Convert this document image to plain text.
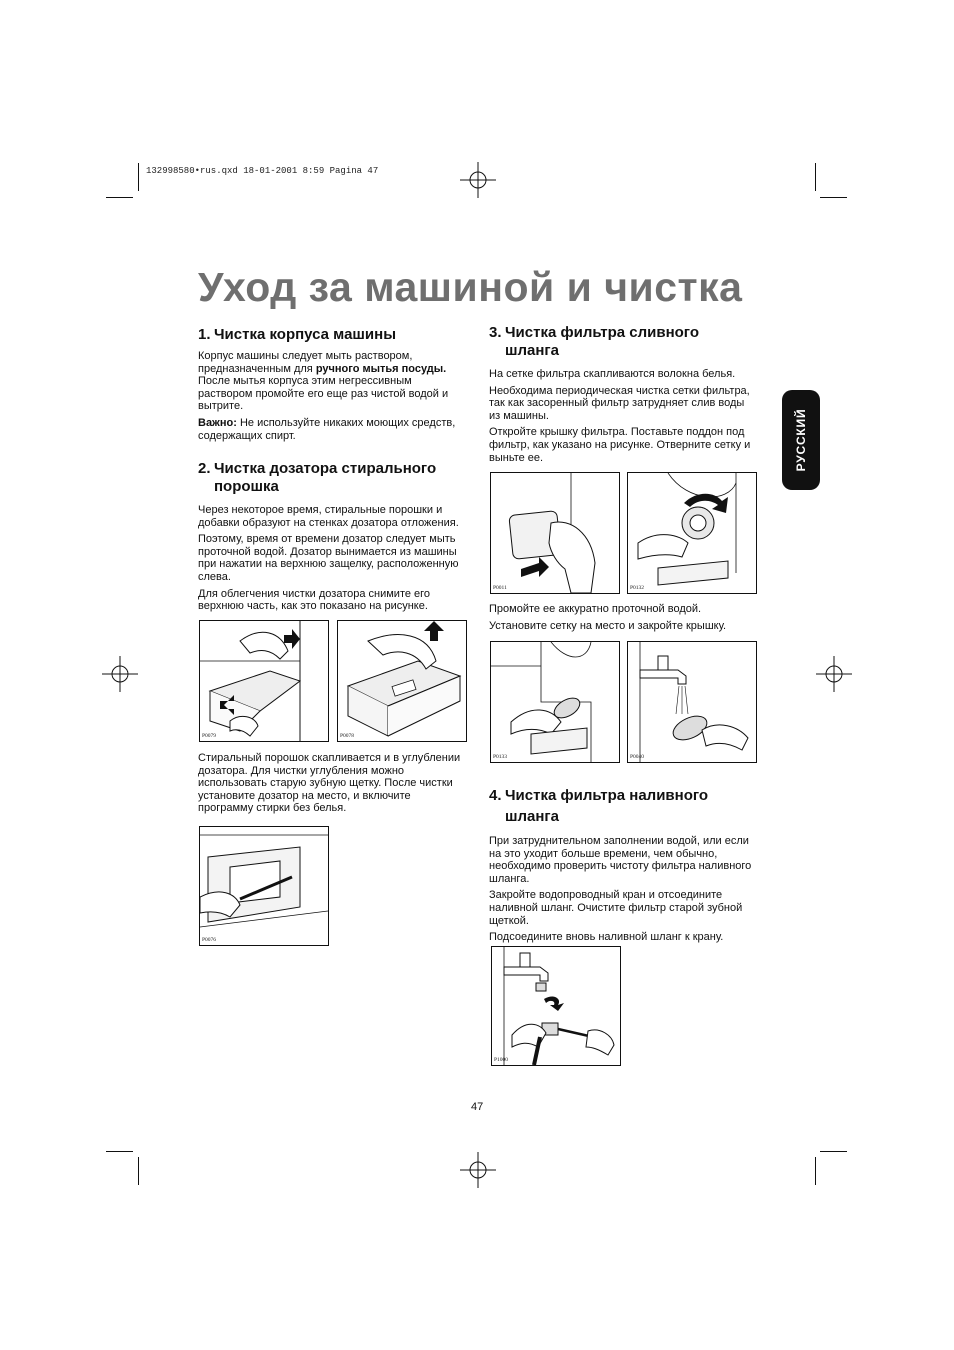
132998580•rus.qxd 18-01-2001 8:59 Pagina 47
Уход за машиной и чистка
РУССКИЙ

1. Чистка корпуса машины

Корпус машины следует мыть раствором, предназначенным для ручного мытья посуды. После мытья корпуса этим негрессивным раствором промойте его еще раз чистой водой и вытрите.

Важно: Не используйте никаких моющих средств, содержащих спирт.

2. Чистка дозатора стирального
порошка

Через некоторое время, стиральные порошки и добавки образуют на стенках дозатора отложения.

Поэтому, время от времени дозатор следует мыть проточной водой. Дозатор вынимается из машины при нажатии на верхнюю защелку, расположенную слева.

Для облегчения чистки дозатора снимите его верхнюю часть, как это показано на рисунке.

P0079	P0078

Стиральный порошок скапливается и в углублении дозатора. Для чистки углубления можно использовать старую зубную щетку. После чистки установите дозатор на место, и включите программу стирки без белья.

P0076

3. Чистка фильтра сливного
шланга

На сетке фильтра скапливаются волокна белья.

Необходима периодическая чистка сетки фильтра, так как засоренный фильтр затрудняет слив воды из машины.

Откройте крышку фильтра. Поставьте поддон под фильтр, как указано на рисунке. Отверните сетку и выньте ее.

P0011	P0132

Промойте ее аккуратно проточной водой.

Установите сетку на место и закройте крышку.

P0133	P0040

4. Чистка фильтра наливного
шланга

При затруднительном заполнении водой, или если на это уходит больше времени, чем обычно, необходимо проверить чистоту фильтра наливного шланга.

Закройте водопроводный кран и отсоедините наливной шланг. Очистите фильтр старой зубной щеткой.

Подсоедините вновь наливной шланг к крану.

P1000
47
